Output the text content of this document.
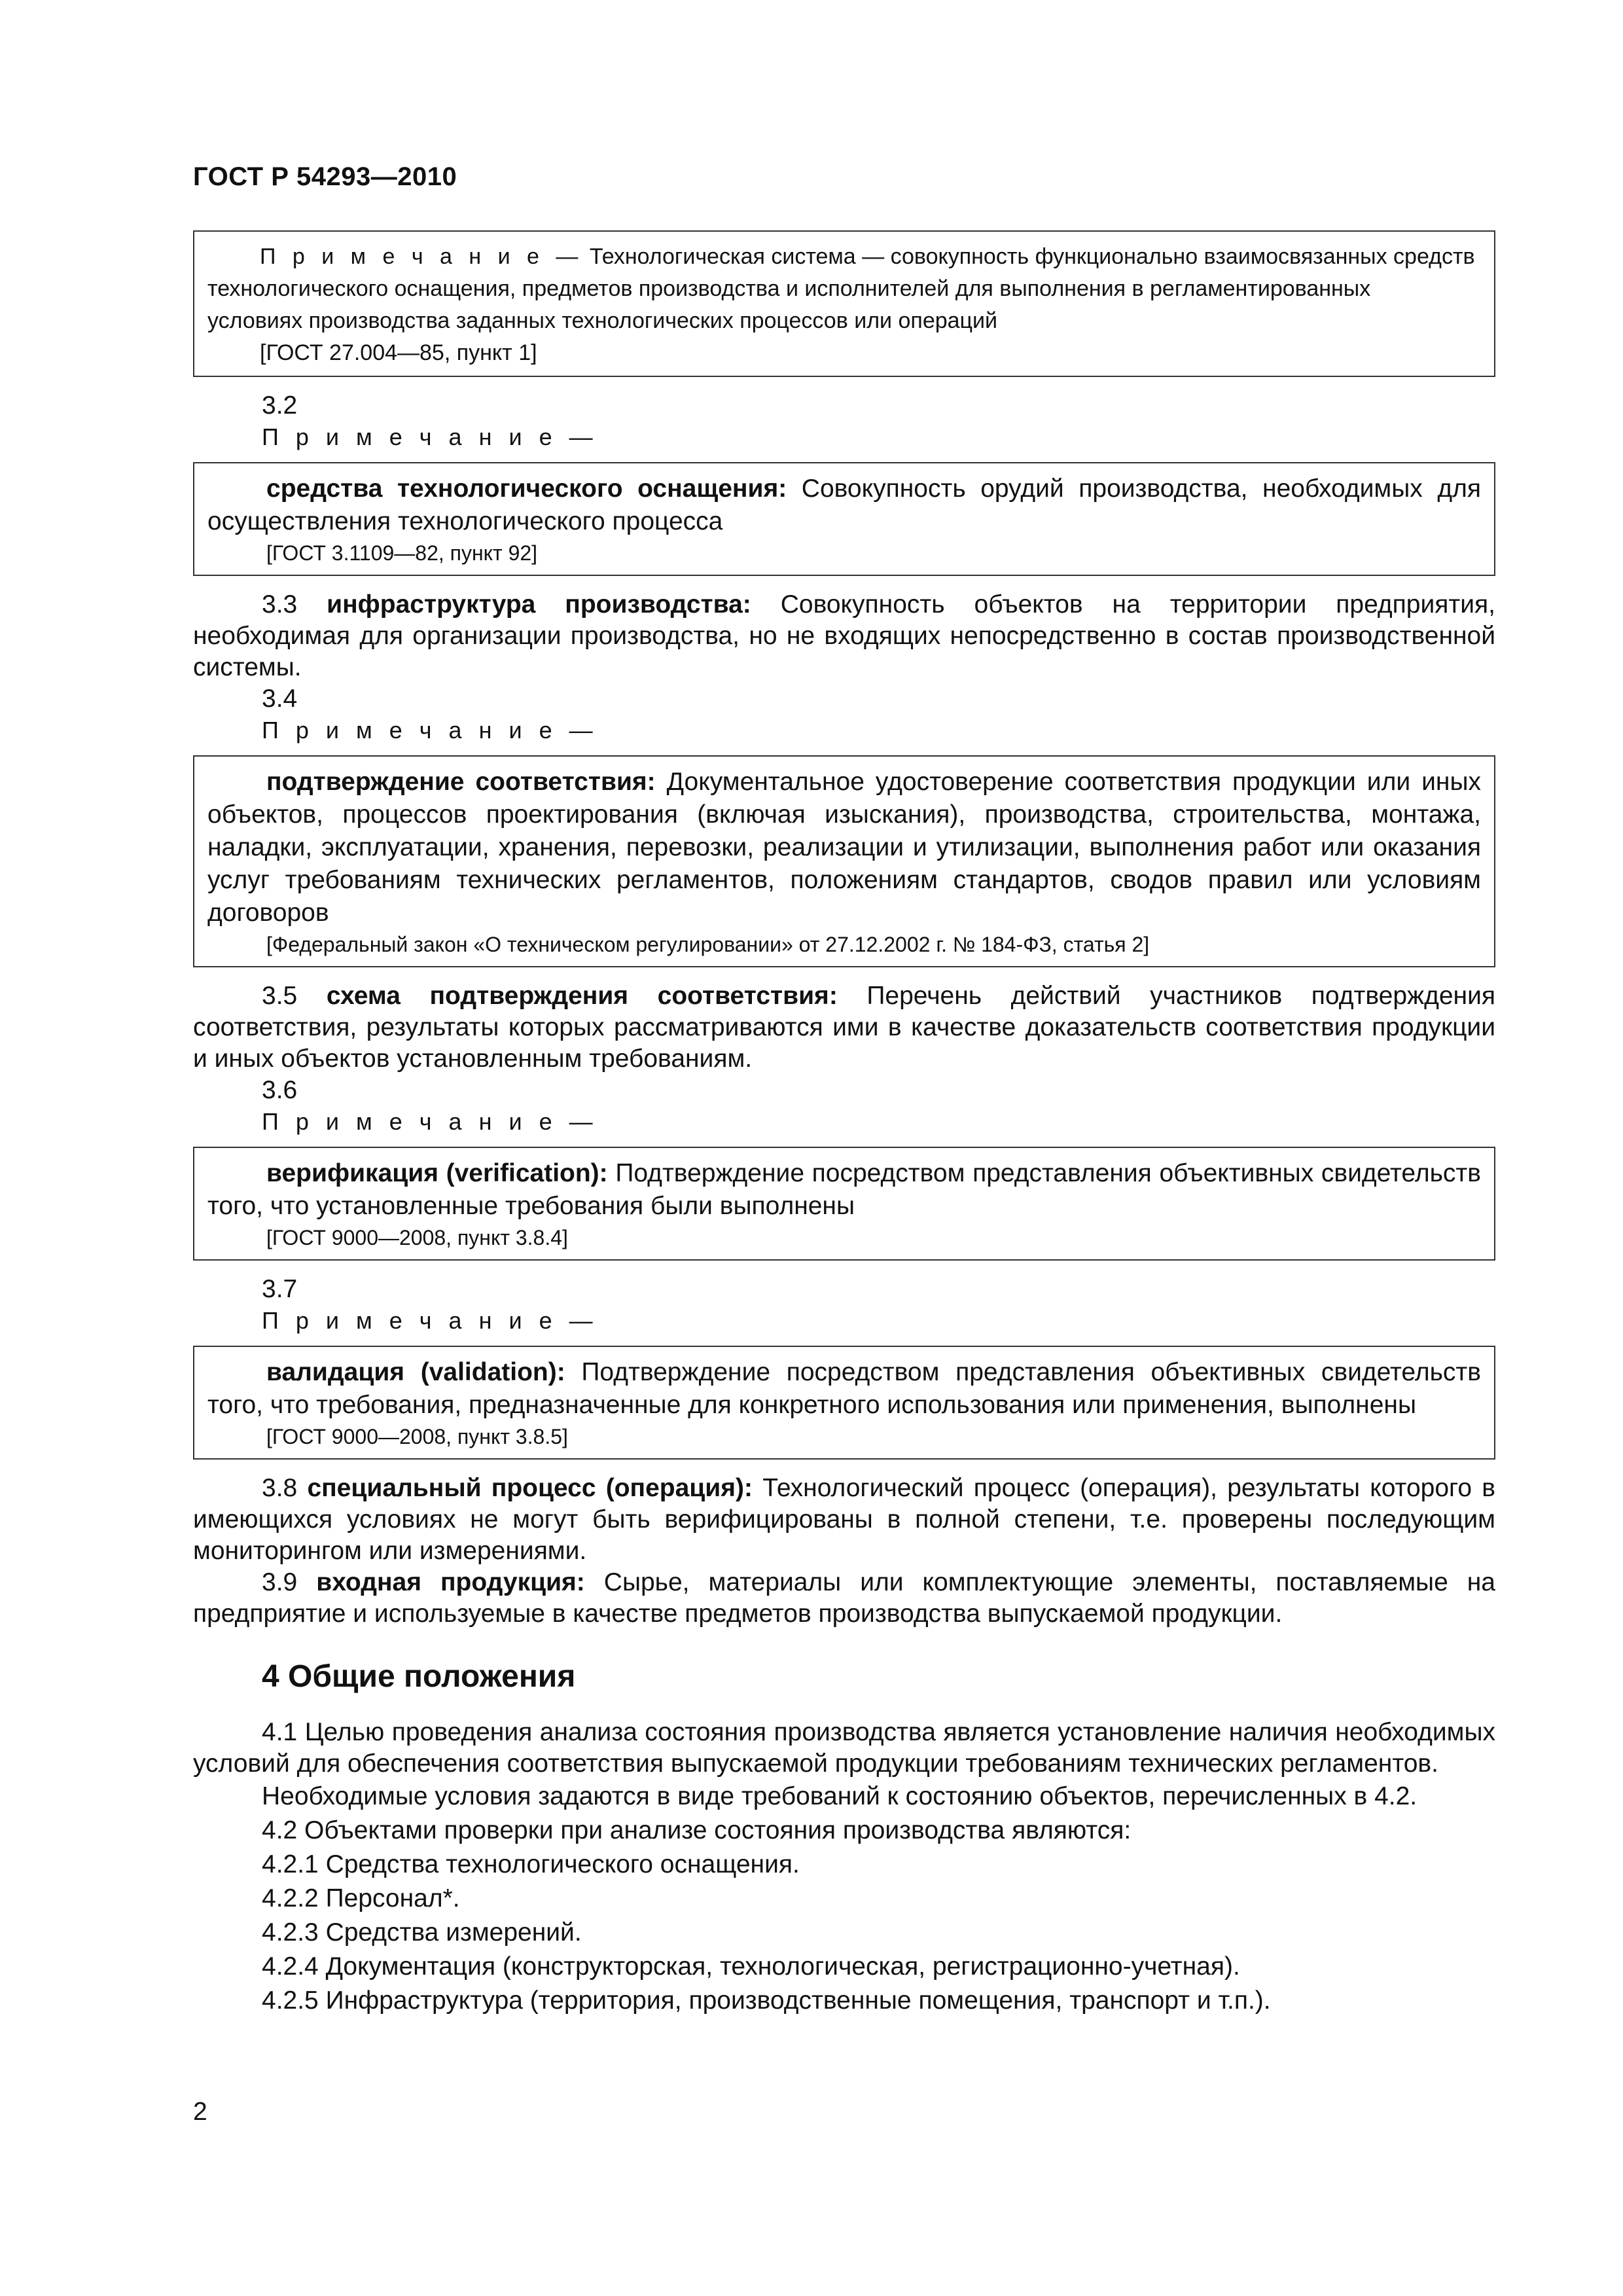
ГОСТ Р 54293—2010
П р и м е ч а н и е — Технологическая система — совокупность функционально взаимосвязанных средств
технологического оснащения, предметов производства и исполнителей для выполнения в регламентированных
условиях производства заданных технологических процессов или операций
[ГОСТ 27.004—85, пункт 1]
3.2
П р и м е ч а н и е —

средства технологического оснащения: Совокупность орудий производства, необходимых для осуществления технологического процесса

[ГОСТ 3.1109—82, пункт 92]

3.3 инфраструктура производства: Совокупность объектов на территории предприятия, необходимая для организации производства, но не входящих непосредственно в состав производственной системы.

3.4
П р и м е ч а н и е —

подтверждение соответствия: Документальное удостоверение соответствия продукции или иных объектов, процессов проектирования (включая изыскания), производства, строительства, монтажа, наладки, эксплуатации, хранения, перевозки, реализации и утилизации, выполнения работ или оказания услуг требованиям технических регламентов, положениям стандартов, сводов правил или условиям договоров

[Федеральный закон «О техническом регулировании» от 27.12.2002 г. № 184-ФЗ, статья 2]

3.5 схема подтверждения соответствия: Перечень действий участников подтверждения соответствия, результаты которых рассматриваются ими в качестве доказательств соответствия продукции и иных объектов установленным требованиям.

3.6
П р и м е ч а н и е —

верификация (verification): Подтверждение посредством представления объективных свидетельств того, что установленные требования были выполнены

[ГОСТ 9000—2008, пункт 3.8.4]
3.7
П р и м е ч а н и е —

валидация (validation): Подтверждение посредством представления объективных свидетельств того, что требования, предназначенные для конкретного использования или применения, выполнены

[ГОСТ 9000—2008, пункт 3.8.5]

3.8 специальный процесс (операция): Технологический процесс (операция), результаты которого в имеющихся условиях не могут быть верифицированы в полной степени, т.е. проверены последующим мониторингом или измерениями.

3.9 входная продукция: Сырье, материалы или комплектующие элементы, поставляемые на предприятие и используемые в качестве предметов производства выпускаемой продукции.

4 Общие положения

4.1 Целью проведения анализа состояния производства является установление наличия необходимых условий для обеспечения соответствия выпускаемой продукции требованиям технических регламентов.

Необходимые условия задаются в виде требований к состоянию объектов, перечисленных в 4.2.
4.2 Объектами проверки при анализе состояния производства являются:
4.2.1 Средства технологического оснащения.
4.2.2 Персонал*.
4.2.3 Средства измерений.
4.2.4 Документация (конструкторская, технологическая, регистрационно-учетная).
4.2.5 Инфраструктура (территория, производственные помещения, транспорт и т.п.).
2
